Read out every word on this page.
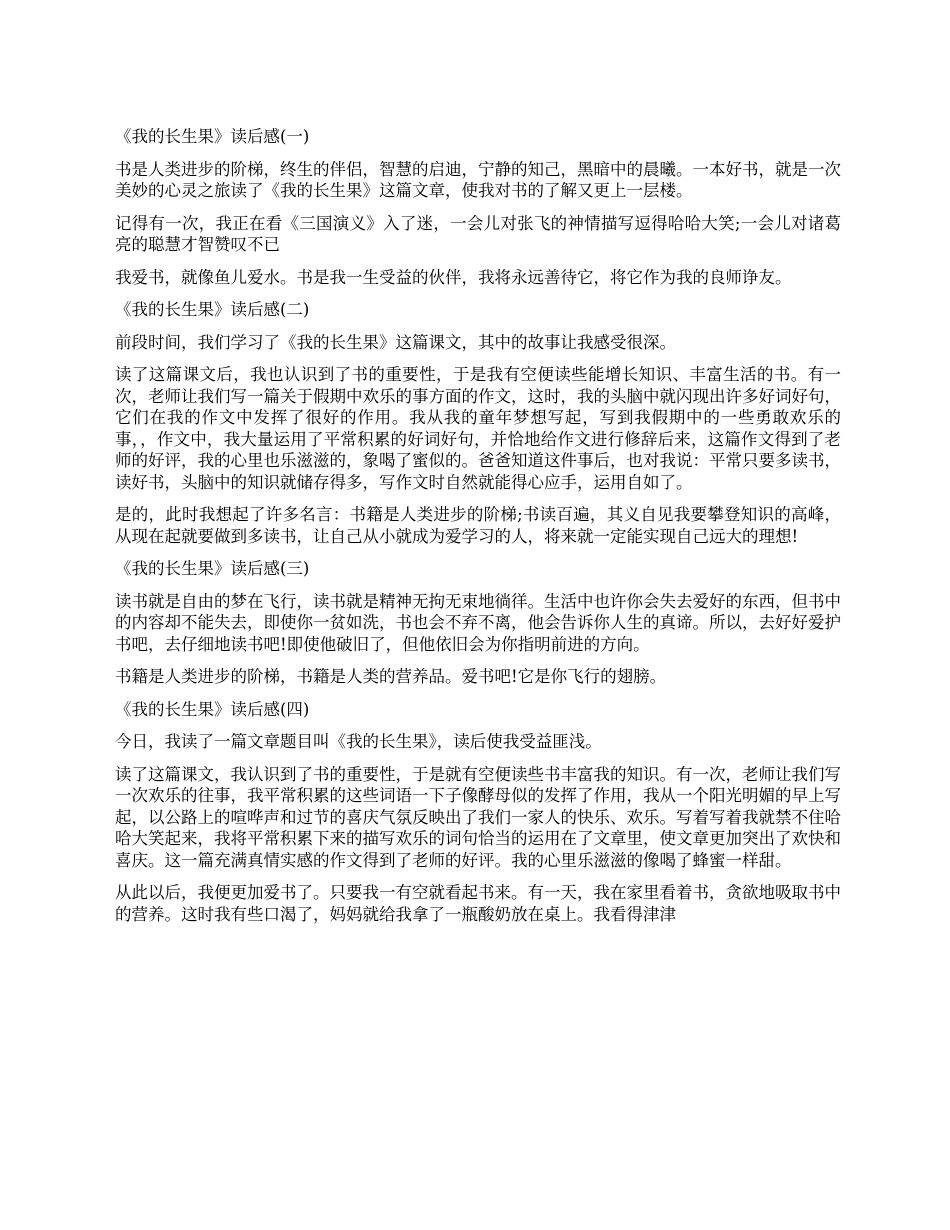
《我的长生果》读后感(一)

书是人类进步的阶梯，终生的伴侣，智慧的启迪，宁静的知己，黑暗中的晨曦。一本好书，就是一次美妙的心灵之旅读了《我的长生果》这篇文章，使我对书的了解又更上一层楼。

记得有一次，我正在看《三国演义》入了迷，一会儿对张飞的神情描写逗得哈哈大笑;一会儿对诸葛亮的聪慧才智赞叹不已

我爱书，就像鱼儿爱水。书是我一生受益的伙伴，我将永远善待它，将它作为我的良师诤友。

《我的长生果》读后感(二)

前段时间，我们学习了《我的长生果》这篇课文，其中的故事让我感受很深。

读了这篇课文后，我也认识到了书的重要性，于是我有空便读些能增长知识、丰富生活的书。有一次，老师让我们写一篇关于假期中欢乐的事方面的作文，这时，我的头脑中就闪现出许多好词好句，它们在我的作文中发挥了很好的作用。我从我的童年梦想写起，写到我假期中的一些勇敢欢乐的事，，作文中，我大量运用了平常积累的好词好句，并恰地给作文进行修辞后来，这篇作文得到了老师的好评，我的心里也乐滋滋的，象喝了蜜似的。爸爸知道这件事后，也对我说：平常只要多读书，读好书，头脑中的知识就储存得多，写作文时自然就能得心应手，运用自如了。

是的，此时我想起了许多名言：书籍是人类进步的阶梯;书读百遍，其义自见我要攀登知识的高峰，从现在起就要做到多读书，让自己从小就成为爱学习的人，将来就一定能实现自己远大的理想!

《我的长生果》读后感(三)

读书就是自由的梦在飞行，读书就是精神无拘无束地徜徉。生活中也许你会失去爱好的东西，但书中的内容却不能失去，即使你一贫如洗，书也会不弃不离，他会告诉你人生的真谛。所以，去好好爱护书吧，去仔细地读书吧!即使他破旧了，但他依旧会为你指明前进的方向。

书籍是人类进步的阶梯，书籍是人类的营养品。爱书吧!它是你飞行的翅膀。

《我的长生果》读后感(四)

今日，我读了一篇文章题目叫《我的长生果》，读后使我受益匪浅。

读了这篇课文，我认识到了书的重要性，于是就有空便读些书丰富我的知识。有一次，老师让我们写一次欢乐的往事，我平常积累的这些词语一下子像酵母似的发挥了作用，我从一个阳光明媚的早上写起，以公路上的喧哗声和过节的喜庆气氛反映出了我们一家人的快乐、欢乐。写着写着我就禁不住哈哈大笑起来，我将平常积累下来的描写欢乐的词句恰当的运用在了文章里，使文章更加突出了欢快和喜庆。这一篇充满真情实感的作文得到了老师的好评。我的心里乐滋滋的像喝了蜂蜜一样甜。

从此以后，我便更加爱书了。只要我一有空就看起书来。有一天，我在家里看着书，贪欲地吸取书中的营养。这时我有些口渴了，妈妈就给我拿了一瓶酸奶放在桌上。我看得津津
